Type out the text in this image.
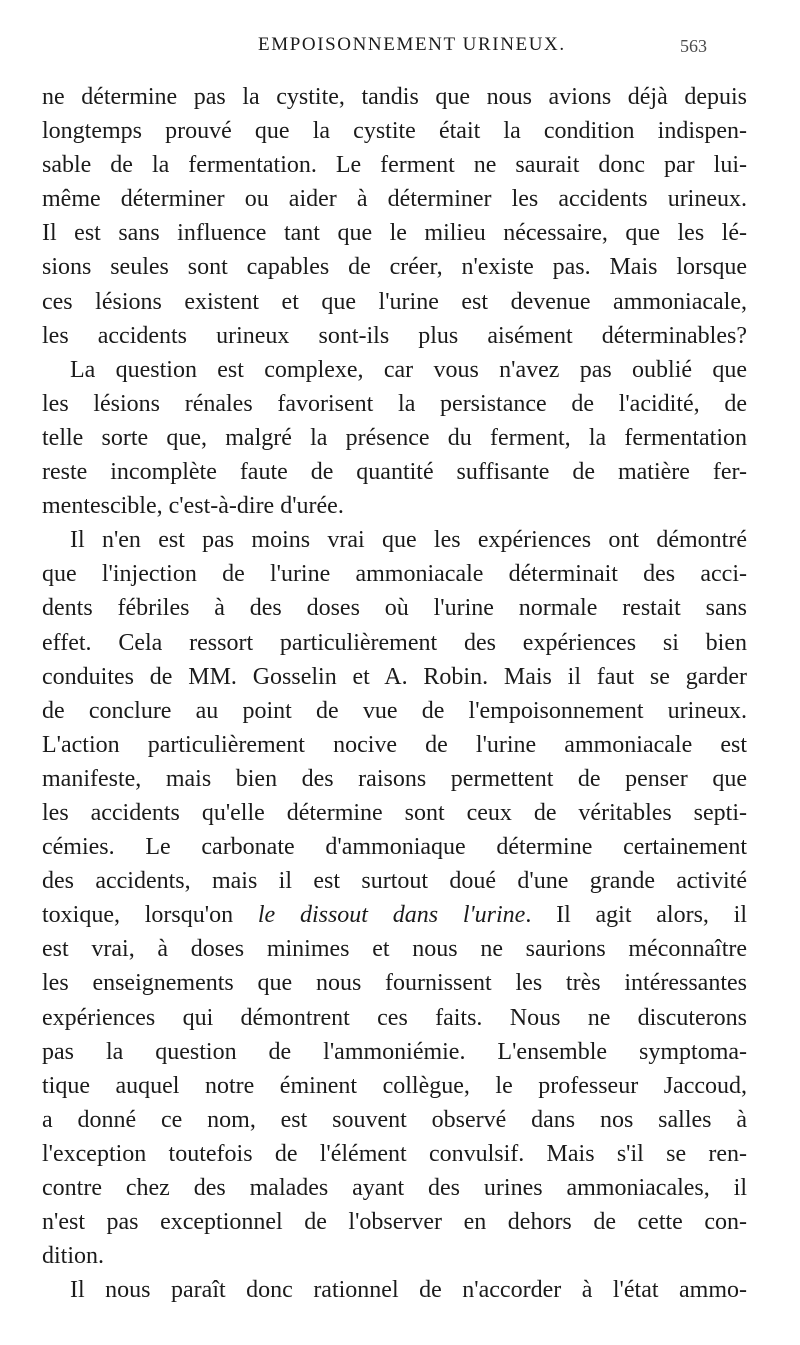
EMPOISONNEMENT URINEUX.	563
ne détermine pas la cystite, tandis que nous avions déjà depuis
longtemps prouvé que la cystite était la condition indispen-
sable de la fermentation. Le ferment ne saurait donc par lui-
même déterminer ou aider à déterminer les accidents urineux.
Il est sans influence tant que le milieu nécessaire, que les lé-
sions seules sont capables de créer, n'existe pas. Mais lorsque
ces lésions existent et que l'urine est devenue ammoniacale,
les accidents urineux sont-ils plus aisément déterminables?
La question est complexe, car vous n'avez pas oublié que
les lésions rénales favorisent la persistance de l'acidité, de
telle sorte que, malgré la présence du ferment, la fermentation
reste incomplète faute de quantité suffisante de matière fer-
mentescible, c'est-à-dire d'urée.
Il n'en est pas moins vrai que les expériences ont démontré
que l'injection de l'urine ammoniacale déterminait des acci-
dents fébriles à des doses où l'urine normale restait sans
effet. Cela ressort particulièrement des expériences si bien
conduites de MM. Gosselin et A. Robin. Mais il faut se garder
de conclure au point de vue de l'empoisonnement urineux.
L'action particulièrement nocive de l'urine ammoniacale est
manifeste, mais bien des raisons permettent de penser que
les accidents qu'elle détermine sont ceux de véritables septi-
cémies. Le carbonate d'ammoniaque détermine certainement
des accidents, mais il est surtout doué d'une grande activité
toxique, lorsqu'on le dissout dans l'urine. Il agit alors, il
est vrai, à doses minimes et nous ne saurions méconnaître
les enseignements que nous fournissent les très intéressantes
expériences qui démontrent ces faits. Nous ne discuterons
pas la question de l'ammoniémie. L'ensemble symptoma-
tique auquel notre éminent collègue, le professeur Jaccoud,
a donné ce nom, est souvent observé dans nos salles à
l'exception toutefois de l'élément convulsif. Mais s'il se ren-
contre chez des malades ayant des urines ammoniacales, il
n'est pas exceptionnel de l'observer en dehors de cette con-
dition.
Il nous paraît donc rationnel de n'accorder à l'état ammo-
